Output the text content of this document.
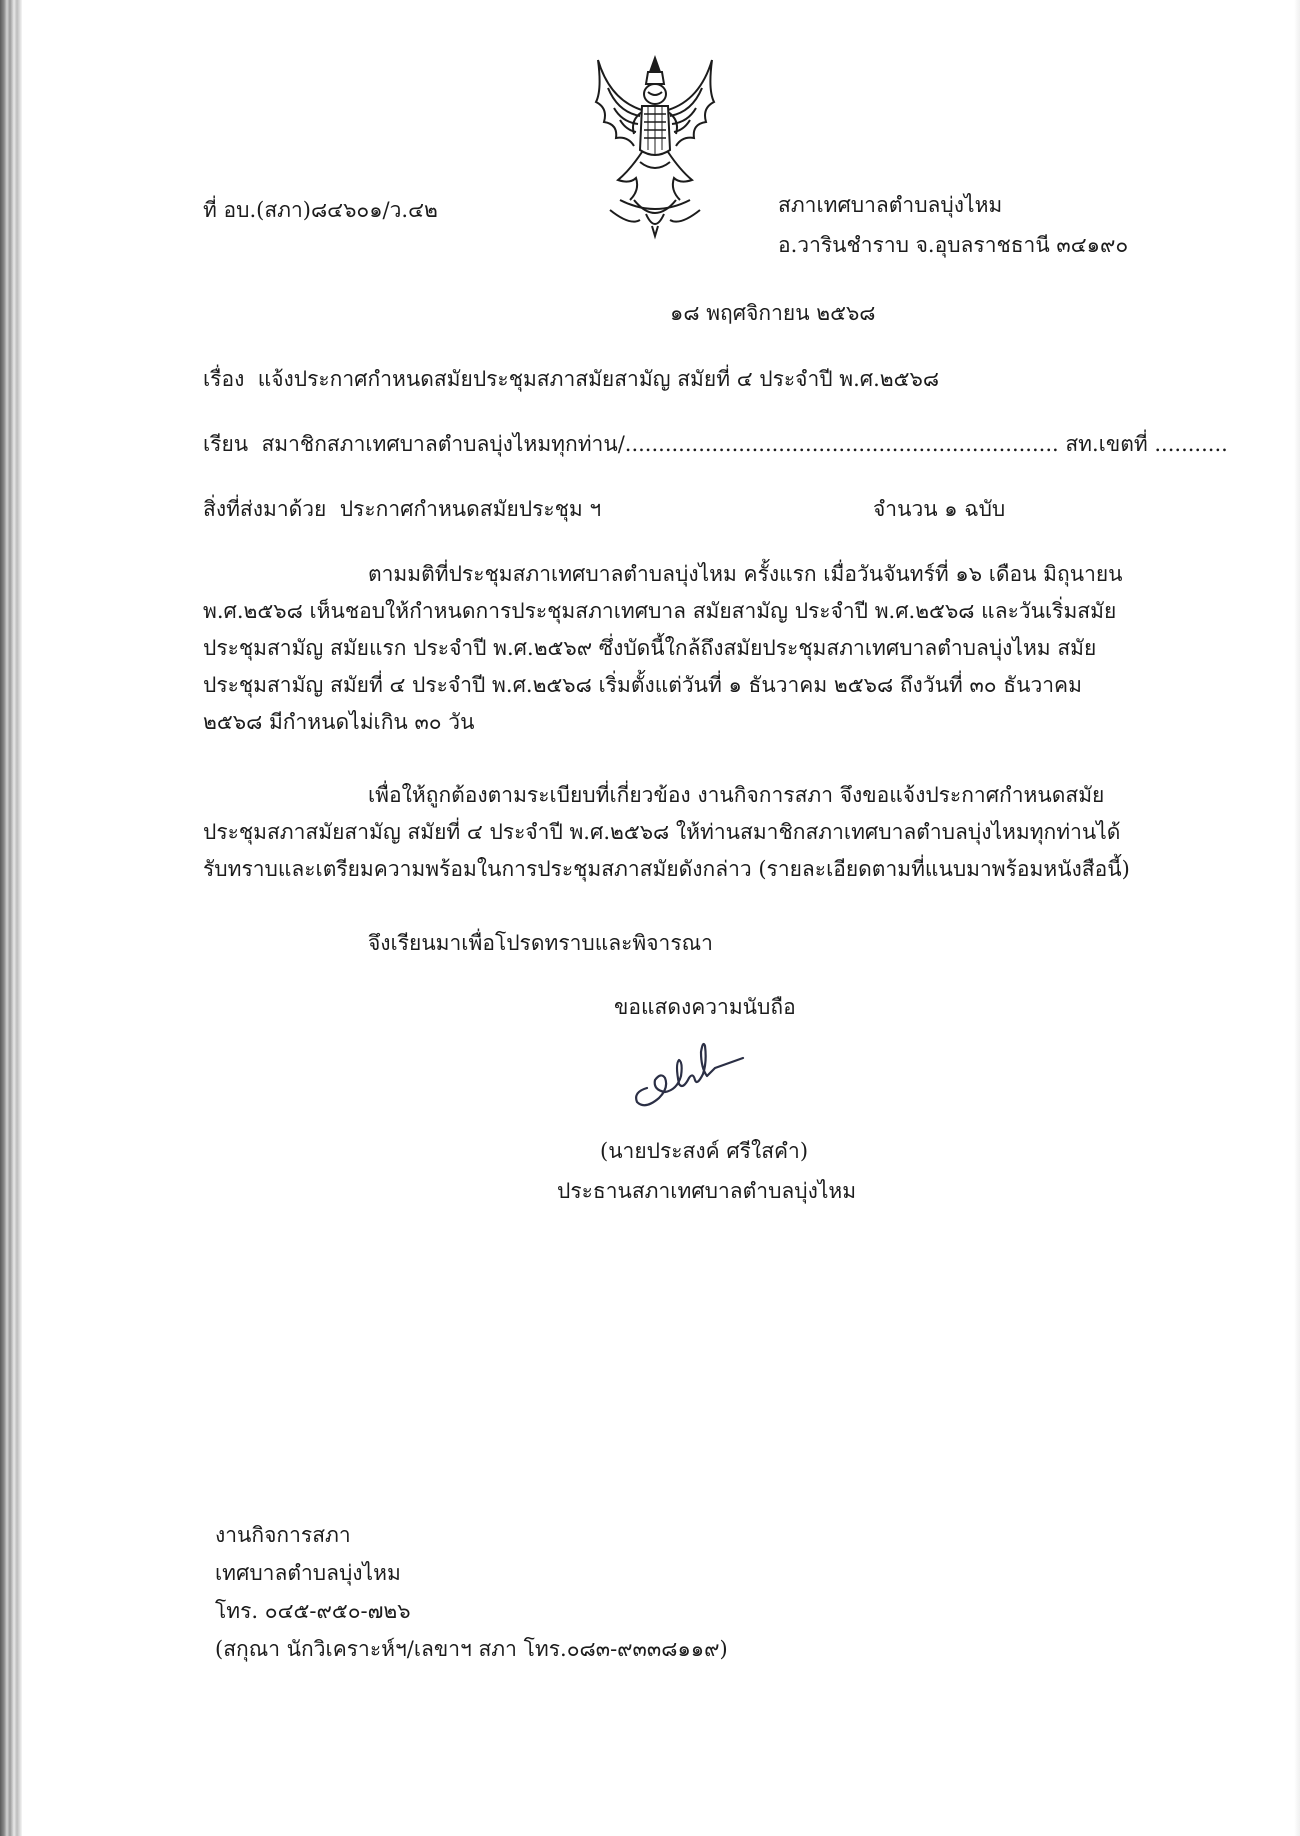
ที่ อบ.(สภา)๘๔๖๐๑/ว.๔๒	สภาเทศบาลตำบลบุ่งไหม
อ.วารินชำราบ จ.อุบลราชธานี ๓๔๑๙๐
๑๘ พฤศจิกายน ๒๕๖๘
เรื่อง แจ้งประกาศกำหนดสมัยประชุมสภาสมัยสามัญ สมัยที่ ๔ ประจำปี พ.ศ.๒๕๖๘
เรียน สมาชิกสภาเทศบาลตำบลบุ่งไหมทุกท่าน/................................................................. สท.เขตที่ ...........
สิ่งที่ส่งมาด้วย ประกาศกำหนดสมัยประชุม ฯ	จำนวน ๑ ฉบับ
ตามมติที่ประชุมสภาเทศบาลตำบลบุ่งไหม ครั้งแรก เมื่อวันจันทร์ที่ ๑๖ เดือน มิถุนายน
พ.ศ.๒๕๖๘ เห็นชอบให้กำหนดการประชุมสภาเทศบาล สมัยสามัญ ประจำปี พ.ศ.๒๕๖๘ และวันเริ่มสมัย
ประชุมสามัญ สมัยแรก ประจำปี พ.ศ.๒๕๖๙ ซึ่งบัดนี้ใกล้ถึงสมัยประชุมสภาเทศบาลตำบลบุ่งไหม สมัย
ประชุมสามัญ สมัยที่ ๔ ประจำปี พ.ศ.๒๕๖๘ เริ่มตั้งแต่วันที่ ๑ ธันวาคม ๒๕๖๘ ถึงวันที่ ๓๐ ธันวาคม
๒๕๖๘ มีกำหนดไม่เกิน ๓๐ วัน
เพื่อให้ถูกต้องตามระเบียบที่เกี่ยวข้อง งานกิจการสภา จึงขอแจ้งประกาศกำหนดสมัย
ประชุมสภาสมัยสามัญ สมัยที่ ๔ ประจำปี พ.ศ.๒๕๖๘ ให้ท่านสมาชิกสภาเทศบาลตำบลบุ่งไหมทุกท่านได้
รับทราบและเตรียมความพร้อมในการประชุมสภาสมัยดังกล่าว (รายละเอียดตามที่แนบมาพร้อมหนังสือนี้)
จึงเรียนมาเพื่อโปรดทราบและพิจารณา
ขอแสดงความนับถือ
(นายประสงค์ ศรีใสคำ)
ประธานสภาเทศบาลตำบลบุ่งไหม
งานกิจการสภา
เทศบาลตำบลบุ่งไหม
โทร. ๐๔๕-๙๕๐-๗๒๖
(สกุณา นักวิเคราะห์ฯ/เลขาฯ สภา โทร.๐๘๓-๙๓๓๘๑๑๙)
